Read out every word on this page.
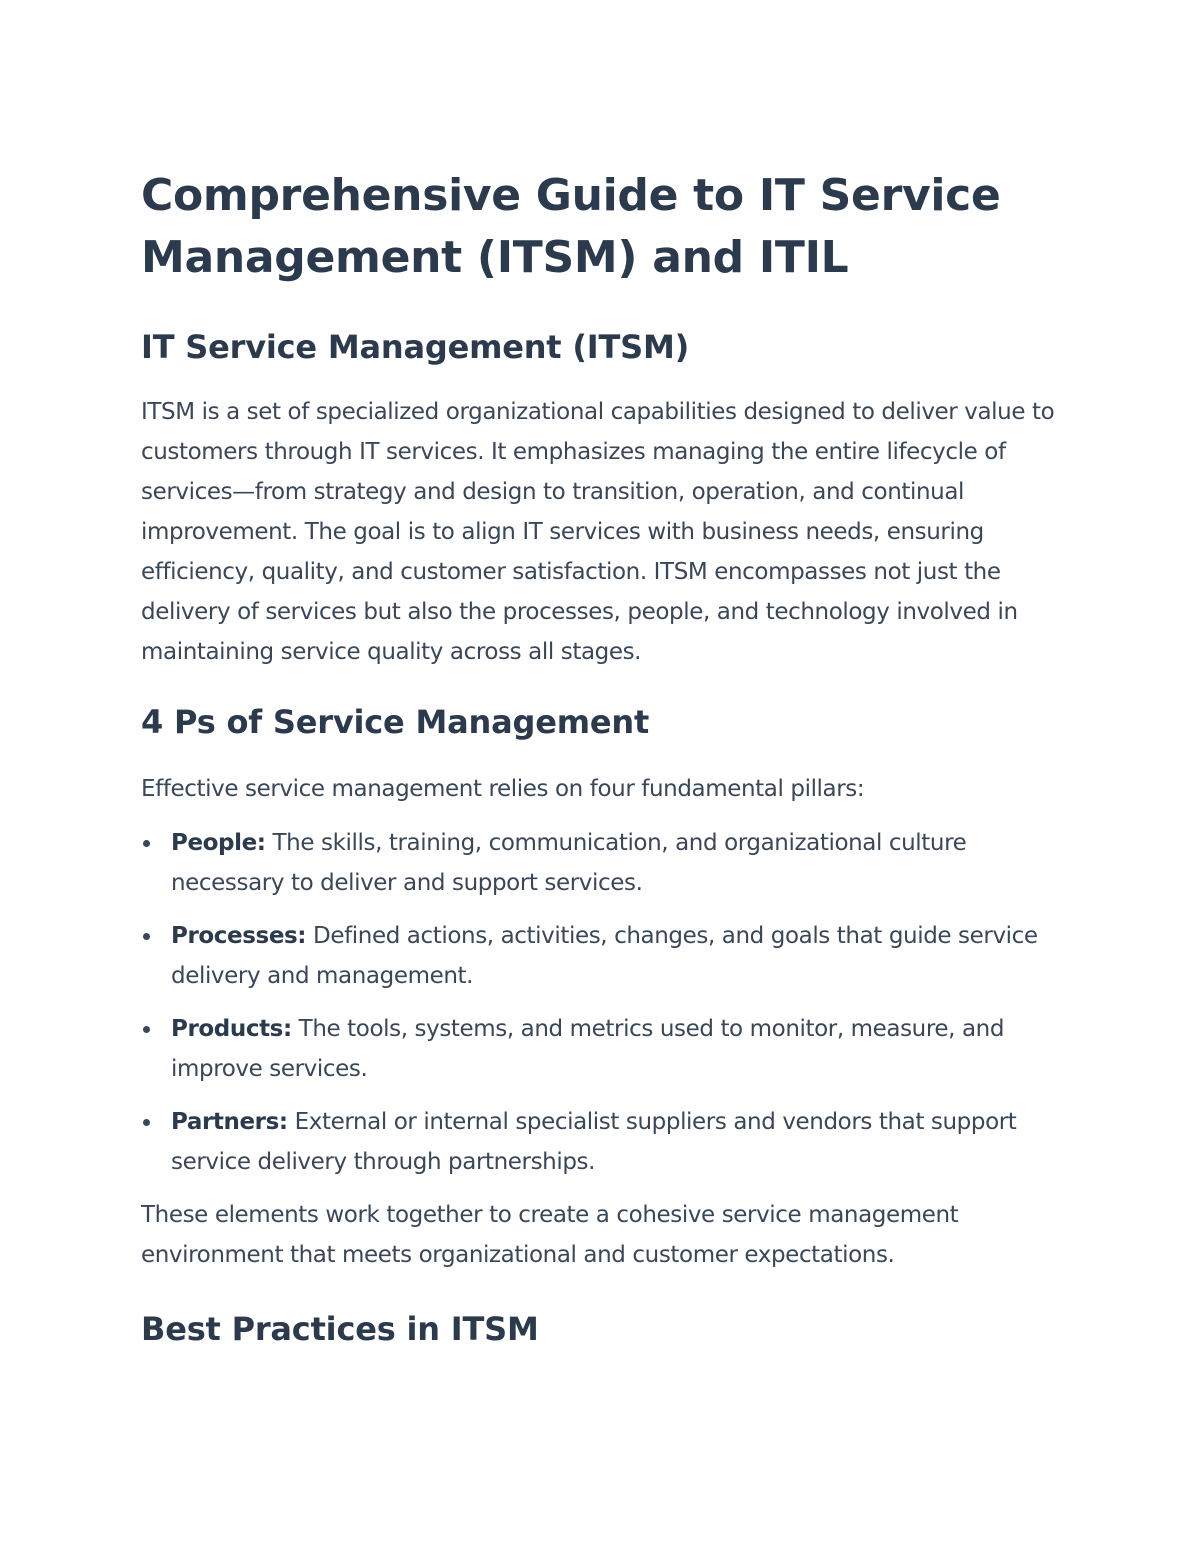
Comprehensive Guide to IT Service Management (ITSM) and ITIL
IT Service Management (ITSM)

ITSM is a set of specialized organizational capabilities designed to deliver value to customers through IT services. It emphasizes managing the entire lifecycle of services—from strategy and design to transition, operation, and continual improvement. The goal is to align IT services with business needs, ensuring efficiency, quality, and customer satisfaction. ITSM encompasses not just the delivery of services but also the processes, people, and technology involved in maintaining service quality across all stages.

4 Ps of Service Management

Effective service management relies on four fundamental pillars:

People: The skills, training, communication, and organizational culture necessary to deliver and support services.
Processes: Defined actions, activities, changes, and goals that guide service delivery and management.
Products: The tools, systems, and metrics used to monitor, measure, and improve services.
Partners: External or internal specialist suppliers and vendors that support service delivery through partnerships.

These elements work together to create a cohesive service management environment that meets organizational and customer expectations.

Best Practices in ITSM
